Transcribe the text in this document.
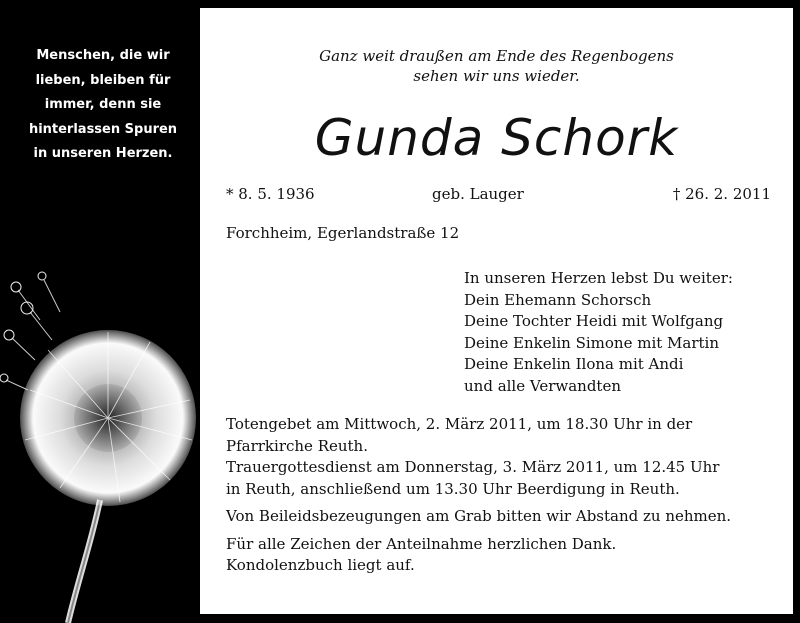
Menschen, die wir
lieben, bleiben für
immer, denn sie
hinterlassen Spuren
in unseren Herzen.
Ganz weit draußen am Ende des Regenbogens
sehen wir uns wieder.
Gunda Schork
* 8. 5. 1936	geb. Lauger	† 26. 2. 2011
Forchheim, Egerlandstraße 12
In unseren Herzen lebst Du weiter:
Dein Ehemann Schorsch
Deine Tochter Heidi mit Wolfgang
Deine Enkelin Simone mit Martin
Deine Enkelin Ilona mit Andi
und alle Verwandten

Totengebet am Mittwoch, 2. März 2011, um 18.30 Uhr in der
Pfarrkirche Reuth.
Trauergottesdienst am Donnerstag, 3. März 2011, um 12.45 Uhr
in Reuth, anschließend um 13.30 Uhr Beerdigung in Reuth.

Von Beileidsbezeugungen am Grab bitten wir Abstand zu nehmen.

Für alle Zeichen der Anteilnahme herzlichen Dank.
Kondolenzbuch liegt auf.
